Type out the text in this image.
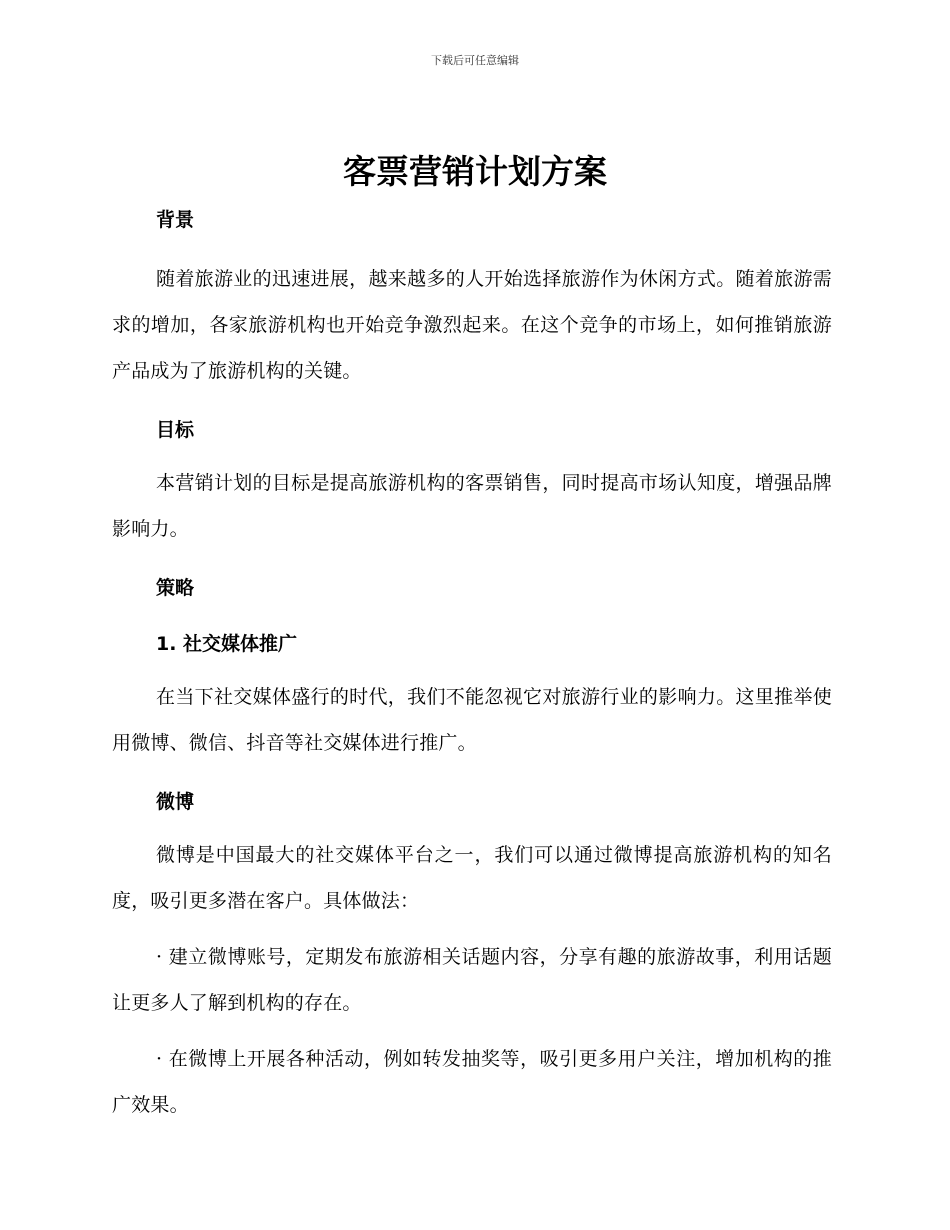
下载后可任意编辑
客票营销计划方案
背景

随着旅游业的迅速进展，越来越多的人开始选择旅游作为休闲方式。随着旅游需求的增加，各家旅游机构也开始竞争激烈起来。在这个竞争的市场上，如何推销旅游产品成为了旅游机构的关键。

目标

本营销计划的目标是提高旅游机构的客票销售，同时提高市场认知度，增强品牌影响力。

策略
1. 社交媒体推广

在当下社交媒体盛行的时代，我们不能忽视它对旅游行业的影响力。这里推举使用微博、微信、抖音等社交媒体进行推广。

微博

微博是中国最大的社交媒体平台之一，我们可以通过微博提高旅游机构的知名度，吸引更多潜在客户。具体做法：

· 建立微博账号，定期发布旅游相关话题内容，分享有趣的旅游故事，利用话题让更多人了解到机构的存在。

· 在微博上开展各种活动，例如转发抽奖等，吸引更多用户关注，增加机构的推广效果。
